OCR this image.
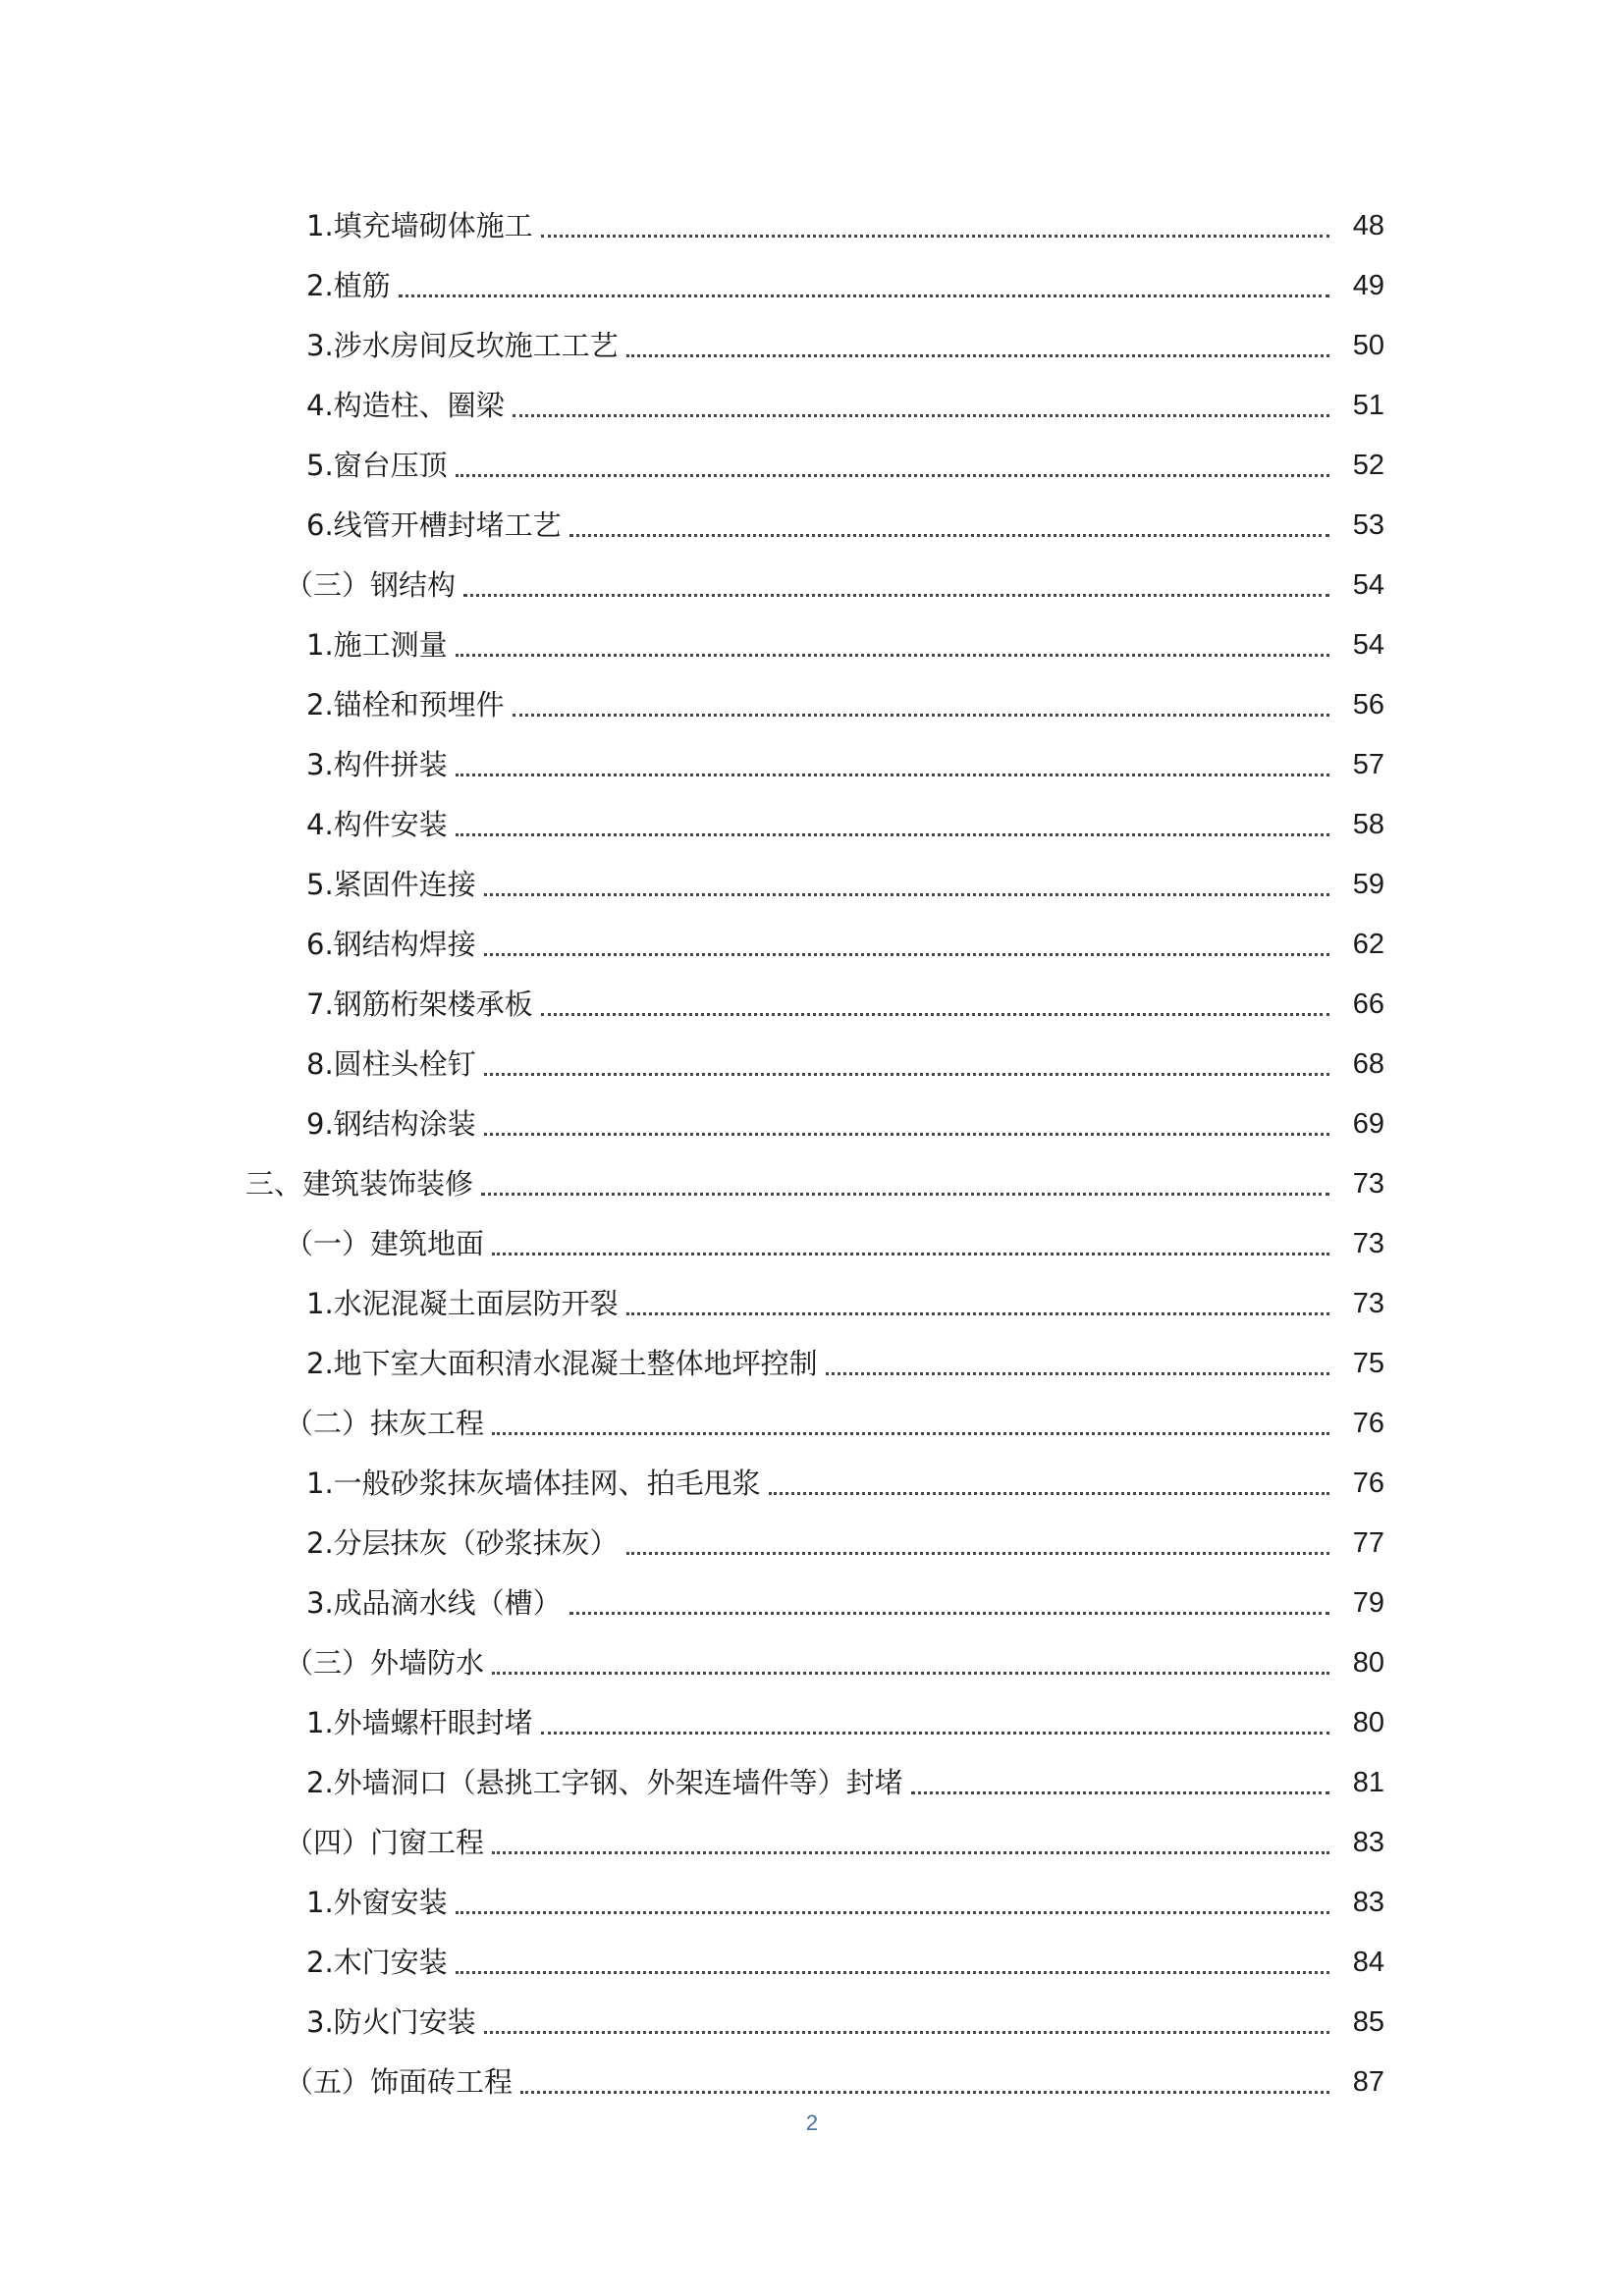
1.填充墙砌体施工	48
2.植筋	49
3.涉水房间反坎施工工艺	50
4.构造柱、圈梁	51
5.窗台压顶	52
6.线管开槽封堵工艺	53
（三）钢结构	54
1.施工测量	54
2.锚栓和预埋件	56
3.构件拼装	57
4.构件安装	58
5.紧固件连接	59
6.钢结构焊接	62
7.钢筋桁架楼承板	66
8.圆柱头栓钉	68
9.钢结构涂装	69
三、建筑装饰装修	73
（一）建筑地面	73
1.水泥混凝土面层防开裂	73
2.地下室大面积清水混凝土整体地坪控制	75
（二）抹灰工程	76
1.一般砂浆抹灰墙体挂网、拍毛甩浆	76
2.分层抹灰（砂浆抹灰）	77
3.成品滴水线（槽）	79
（三）外墙防水	80
1.外墙螺杆眼封堵	80
2.外墙洞口（悬挑工字钢、外架连墙件等）封堵	81
（四）门窗工程	83
1.外窗安装	83
2.木门安装	84
3.防火门安装	85
（五）饰面砖工程	87
2
